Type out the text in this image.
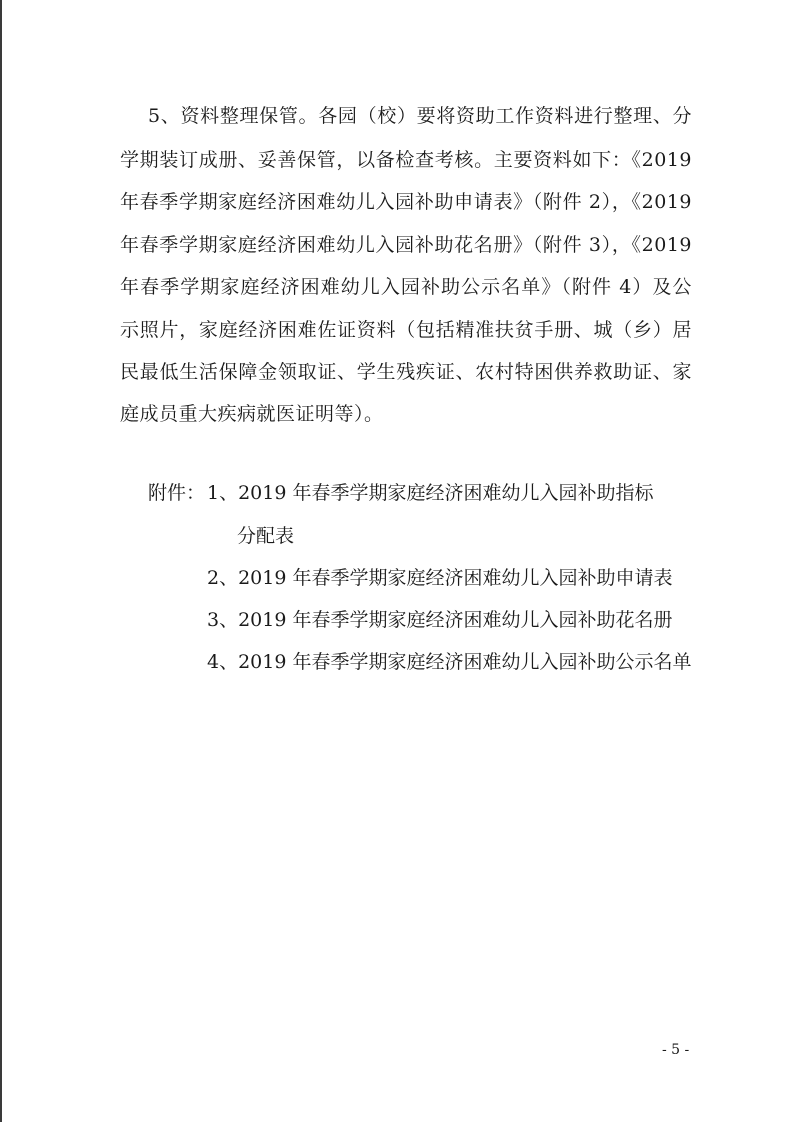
5、资料整理保管。各园（校）要将资助工作资料进行整理、分
学期装订成册、妥善保管，以备检查考核。主要资料如下：《2019
年春季学期家庭经济困难幼儿入园补助申请表》（附件 2），《2019
年春季学期家庭经济困难幼儿入园补助花名册》（附件 3），《2019
年春季学期家庭经济困难幼儿入园补助公示名单》（附件 4）及公
示照片，家庭经济困难佐证资料（包括精准扶贫手册、城（乡）居
民最低生活保障金领取证、学生残疾证、农村特困供养救助证、家
庭成员重大疾病就医证明等）。
附件： 1、2019 年春季学期家庭经济困难幼儿入园补助指标
分配表
2、2019 年春季学期家庭经济困难幼儿入园补助申请表
3、2019 年春季学期家庭经济困难幼儿入园补助花名册
4、2019 年春季学期家庭经济困难幼儿入园补助公示名单
- 5 -
